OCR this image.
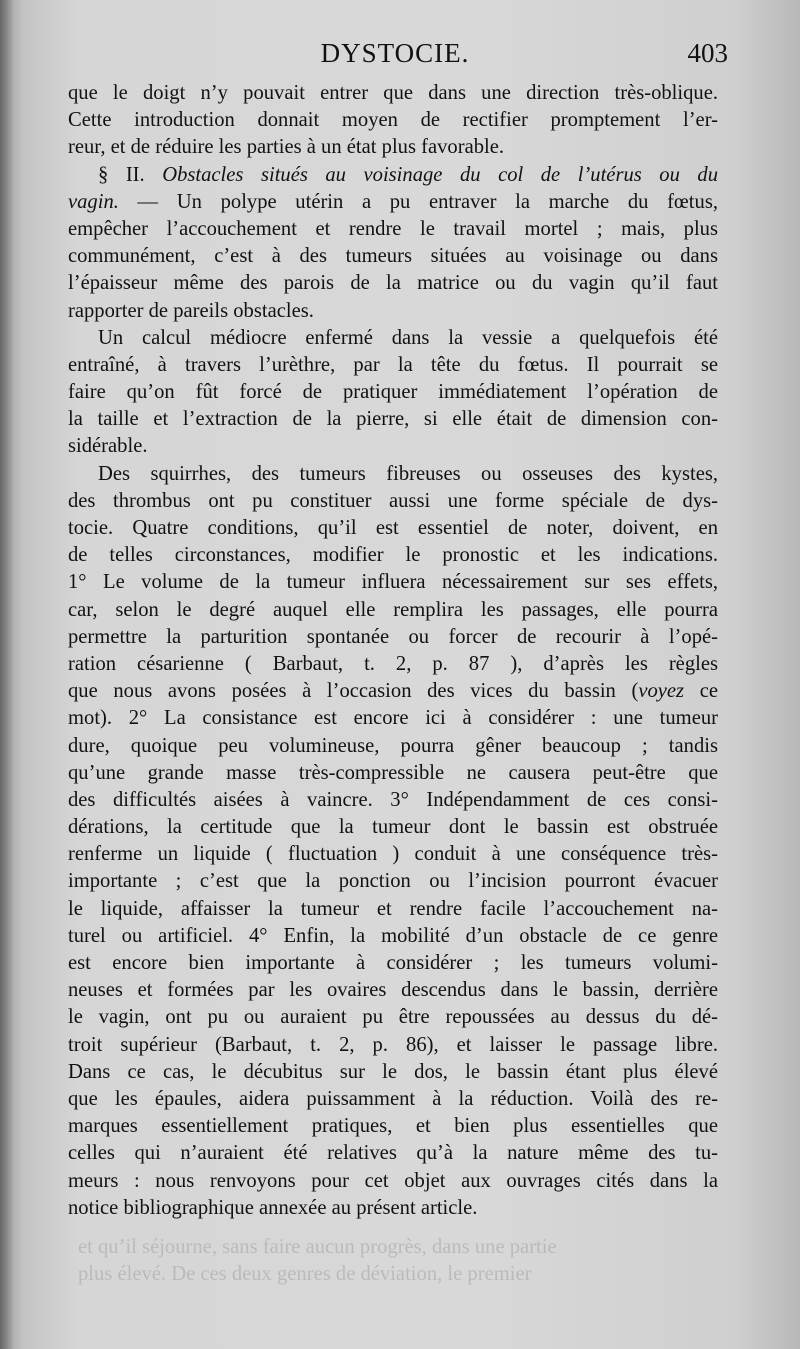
DYSTOCIE.	403
que le doigt n’y pouvait entrer que dans une direction très-oblique.
Cette introduction donnait moyen de rectifier promptement l’er-
reur, et de réduire les parties à un état plus favorable.
§ II. Obstacles situés au voisinage du col de l’utérus ou du
vagin. — Un polype utérin a pu entraver la marche du fœtus,
empêcher l’accouchement et rendre le travail mortel ; mais, plus
communément, c’est à des tumeurs situées au voisinage ou dans
l’épaisseur même des parois de la matrice ou du vagin qu’il faut
rapporter de pareils obstacles.
Un calcul médiocre enfermé dans la vessie a quelquefois été
entraîné, à travers l’urèthre, par la tête du fœtus. Il pourrait se
faire qu’on fût forcé de pratiquer immédiatement l’opération de
la taille et l’extraction de la pierre, si elle était de dimension con-
sidérable.
Des squirrhes, des tumeurs fibreuses ou osseuses des kystes,
des thrombus ont pu constituer aussi une forme spéciale de dys-
tocie. Quatre conditions, qu’il est essentiel de noter, doivent, en
de telles circonstances, modifier le pronostic et les indications.
1° Le volume de la tumeur influera nécessairement sur ses effets,
car, selon le degré auquel elle remplira les passages, elle pourra
permettre la parturition spontanée ou forcer de recourir à l’opé-
ration césarienne ( Barbaut, t. 2, p. 87 ), d’après les règles
que nous avons posées à l’occasion des vices du bassin (voyez ce
mot). 2° La consistance est encore ici à considérer : une tumeur
dure, quoique peu volumineuse, pourra gêner beaucoup ; tandis
qu’une grande masse très-compressible ne causera peut-être que
des difficultés aisées à vaincre. 3° Indépendamment de ces consi-
dérations, la certitude que la tumeur dont le bassin est obstruée
renferme un liquide ( fluctuation ) conduit à une conséquence très-
importante ; c’est que la ponction ou l’incision pourront évacuer
le liquide, affaisser la tumeur et rendre facile l’accouchement na-
turel ou artificiel. 4° Enfin, la mobilité d’un obstacle de ce genre
est encore bien importante à considérer ; les tumeurs volumi-
neuses et formées par les ovaires descendus dans le bassin, derrière
le vagin, ont pu ou auraient pu être repoussées au dessus du dé-
troit supérieur (Barbaut, t. 2, p. 86), et laisser le passage libre.
Dans ce cas, le décubitus sur le dos, le bassin étant plus élevé
que les épaules, aidera puissamment à la réduction. Voilà des re-
marques essentiellement pratiques, et bien plus essentielles que
celles qui n’auraient été relatives qu’à la nature même des tu-
meurs : nous renvoyons pour cet objet aux ouvrages cités dans la
notice bibliographique annexée au présent article.
et qu’il séjourne, sans faire aucun progrès, dans une partie
plus élevé. De ces deux genres de déviation, le premier
